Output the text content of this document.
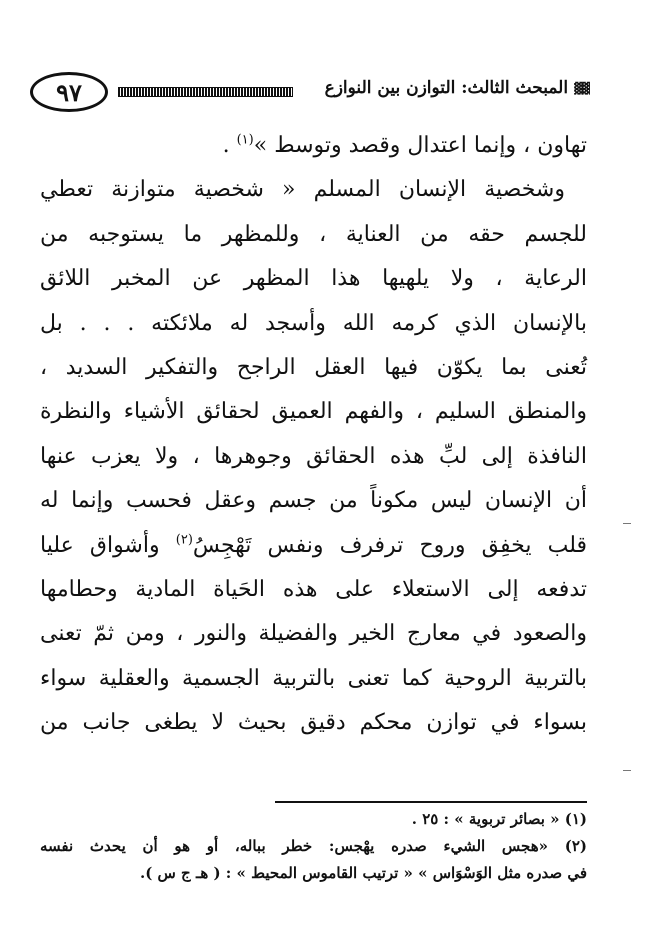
٩٧	▓▓
المبحث الثالث: التوازن بين النوازع
تهاون ، وإنما اعتدال وقصد وتوسط »$^{(١)}$ .
وشخصية الإنسان المسلم « شخصية متوازنة تعطي
للجسم حقه من العناية ، وللمظهر ما يستوجبه من
الرعاية ، ولا يلهيها هذا المظهر عن المخبر اللائق
بالإنسان الذي كرمه الله وأسجد له ملائكته . . . بل
تُعنى بما يكوّن فيها العقل الراجح والتفكير السديد ،
والمنطق السليم ، والفهم العميق لحقائق الأشياء والنظرة
النافذة إلى لبِّ هذه الحقائق وجوهرها ، ولا يعزب عنها
أن الإنسان ليس مكوناً من جسم وعقل فحسب وإنما له
قلب يخفِق وروح ترفرف ونفس تَهْجِسُ$^{(٢)}$ وأشواق عليا
تدفعه إلى الاستعلاء على هذه الحَياة المادية وحطامها
والصعود في معارج الخير والفضيلة والنور ، ومن ثمّ تعنى
بالتربية الروحية كما تعنى بالتربية الجسمية والعقلية سواء
بسواء في توازن محكم دقيق بحيث لا يطغى جانب من
(١) « بصائر تربوية » : ٢٥ .
(٢) «هجس الشيء صدره يهْجس: خطر بباله، أو هو أن يحدث نفسه
في صدره مثل الوَسْوَاس » « ترتيب القاموس المحيط » : ( هـ ج س ).
